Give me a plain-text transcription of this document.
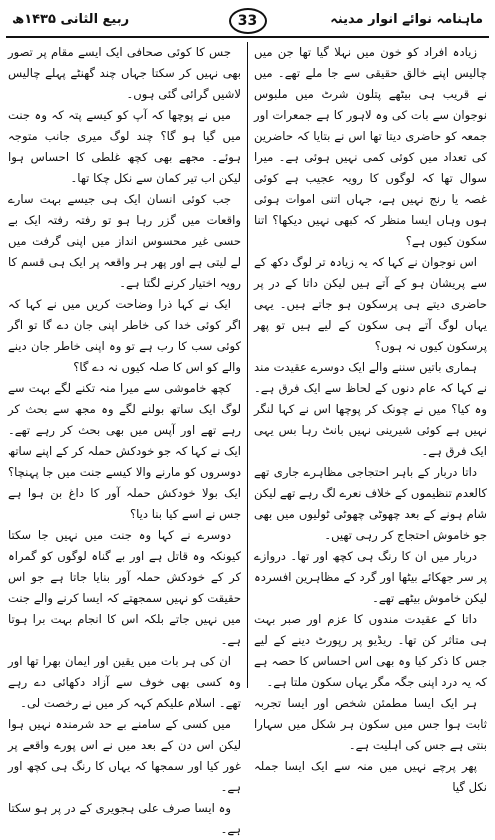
ماہنامہ نوائے انوار مدینہ
33
ربیع الثانی ۱۴۳۵ھ

زیادہ افراد کو خون میں نہلا گیا تھا جن میں چالیس اپنے خالق حقیقی سے جا ملے تھے۔ میں نے قریب ہی بیٹھے پتلون شرٹ میں ملبوس نوجوان سے بات کی وہ لاہور کا ہے جمعرات اور جمعہ کو حاضری دیتا تھا اس نے بتایا کہ حاضرین کی تعداد میں کوئی کمی نہیں ہوئی ہے۔ میرا سوال تھا کہ لوگوں کا رویہ عجیب ہے کوئی غصہ یا رنج نہیں ہے، جہاں اتنی اموات ہوئی ہوں وہاں ایسا منظر کہ کبھی نہیں دیکھا؟ اتنا سکون کیوں ہے؟

اس نوجوان نے کہا کہ یہ زیادہ تر لوگ دکھ کے سے پریشان ہو کے آتے ہیں لیکن داتا کے در پر حاضری دیتے ہی پرسکون ہو جاتے ہیں۔ یہی یہاں لوگ آتے ہی سکون کے لیے ہیں تو پھر پرسکون کیوں نہ ہوں؟

ہماری باتیں سننے والے ایک دوسرے عقیدت مند نے کہا کہ عام دنوں کے لحاظ سے ایک فرق ہے۔ وہ کیا؟ میں نے چونک کر پوچھا اس نے کہا لنگر نہیں ہے کوئی شیرینی نہیں بانٹ رہا بس یہی ایک فرق ہے۔

داتا دربار کے باہر احتجاجی مظاہرے جاری تھے کالعدم تنظیموں کے خلاف نعرے لگ رہے تھے لیکن شام ہونے کے بعد چھوٹی چھوٹی ٹولیوں میں بھی جو خاموش احتجاج کر رہی تھیں۔

دربار میں ان کا رنگ ہی کچھ اور تھا۔ دروازے پر سر جھکائے بیٹھا اور گرد کے مظاہرین افسردہ لیکن خاموش بیٹھے تھے۔

داتا کے عقیدت مندوں کا عزم اور صبر بہت ہی متاثر کن تھا۔ ریڈیو پر رپورٹ دینے کے لیے جس کا ذکر کیا وہ بھی اس احساس کا حصہ ہے کہ یہ درد اپنی جگہ مگر یہاں سکون ملتا ہے۔

ہر ایک ایسا مطمئن شخص اور ایسا تجربہ ثابت ہوا جس میں سکون ہر شکل میں سہارا بنتی ہے جس کی اہلیت ہے۔

پھر پرچے نہیں میں منہ سے ایک ایسا جملہ نکل گیا

جس کا کوئی صحافی ایک ایسے مقام پر تصور بھی نہیں کر سکتا جہاں چند گھنٹے پہلے چالیس لاشیں گرائی گئی ہوں۔

میں نے پوچھا کہ آپ کو کیسے پتہ کہ وہ جنت میں گیا ہو گا؟ چند لوگ میری جانب متوجہ ہوئے۔ مجھے بھی کچھ غلطی کا احساس ہوا لیکن اب تیر کمان سے نکل چکا تھا۔

جب کوئی انسان ایک ہی جیسے بہت سارے واقعات میں گزر رہا ہو تو رفتہ رفتہ ایک بے حسی غیر محسوس انداز میں اپنی گرفت میں لے لیتی ہے اور پھر ہر واقعہ پر ایک ہی قسم کا رویہ اختیار کرنے لگتا ہے۔

ایک نے کہا ذرا وضاحت کریں میں نے کہا کہ اگر کوئی خدا کی خاطر اپنی جان دے گا تو اگر کوئی سب کا رب ہے تو وہ اپنی خاطر جان دینے والے کو اس کا صلہ کیوں نہ دے گا؟

کچھ خاموشی سے میرا منہ تکنے لگے بہت سے لوگ ایک ساتھ بولنے لگے وہ مجھ سے بحث کر رہے تھے اور آپس میں بھی بحث کر رہے تھے۔ ایک نے کہا کہ جو خودکش حملہ کر کے اپنے ساتھ دوسروں کو مارنے والا کیسے جنت میں جا پہنچا؟ ایک بولا خودکش حملہ آور کا داغ بن ہوا ہے جس نے اسے کیا بنا دیا؟

دوسرے نے کہا وہ جنت میں نہیں جا سکتا کیونکہ وہ قاتل ہے اور بے گناہ لوگوں کو گمراہ کر کے خودکش حملہ آور بنایا جاتا ہے جو اس حقیقت کو نہیں سمجھتے کہ ایسا کرنے والے جنت میں نہیں جاتے بلکہ اس کا انجام بہت برا ہوتا ہے۔

ان کی ہر بات میں یقین اور ایمان بھرا تھا اور وہ کسی بھی خوف سے آزاد دکھائی دے رہے تھے۔ اسلام علیکم کہہ کر میں نے رخصت لی۔

میں کسی کے سامنے بے حد شرمندہ نہیں ہوا لیکن اس دن کے بعد میں نے اس پورے واقعے پر غور کیا اور سمجھا کہ یہاں کا رنگ ہی کچھ اور ہے۔

وہ ایسا صرف علی ہجویری کے در پر ہو سکتا ہے۔
